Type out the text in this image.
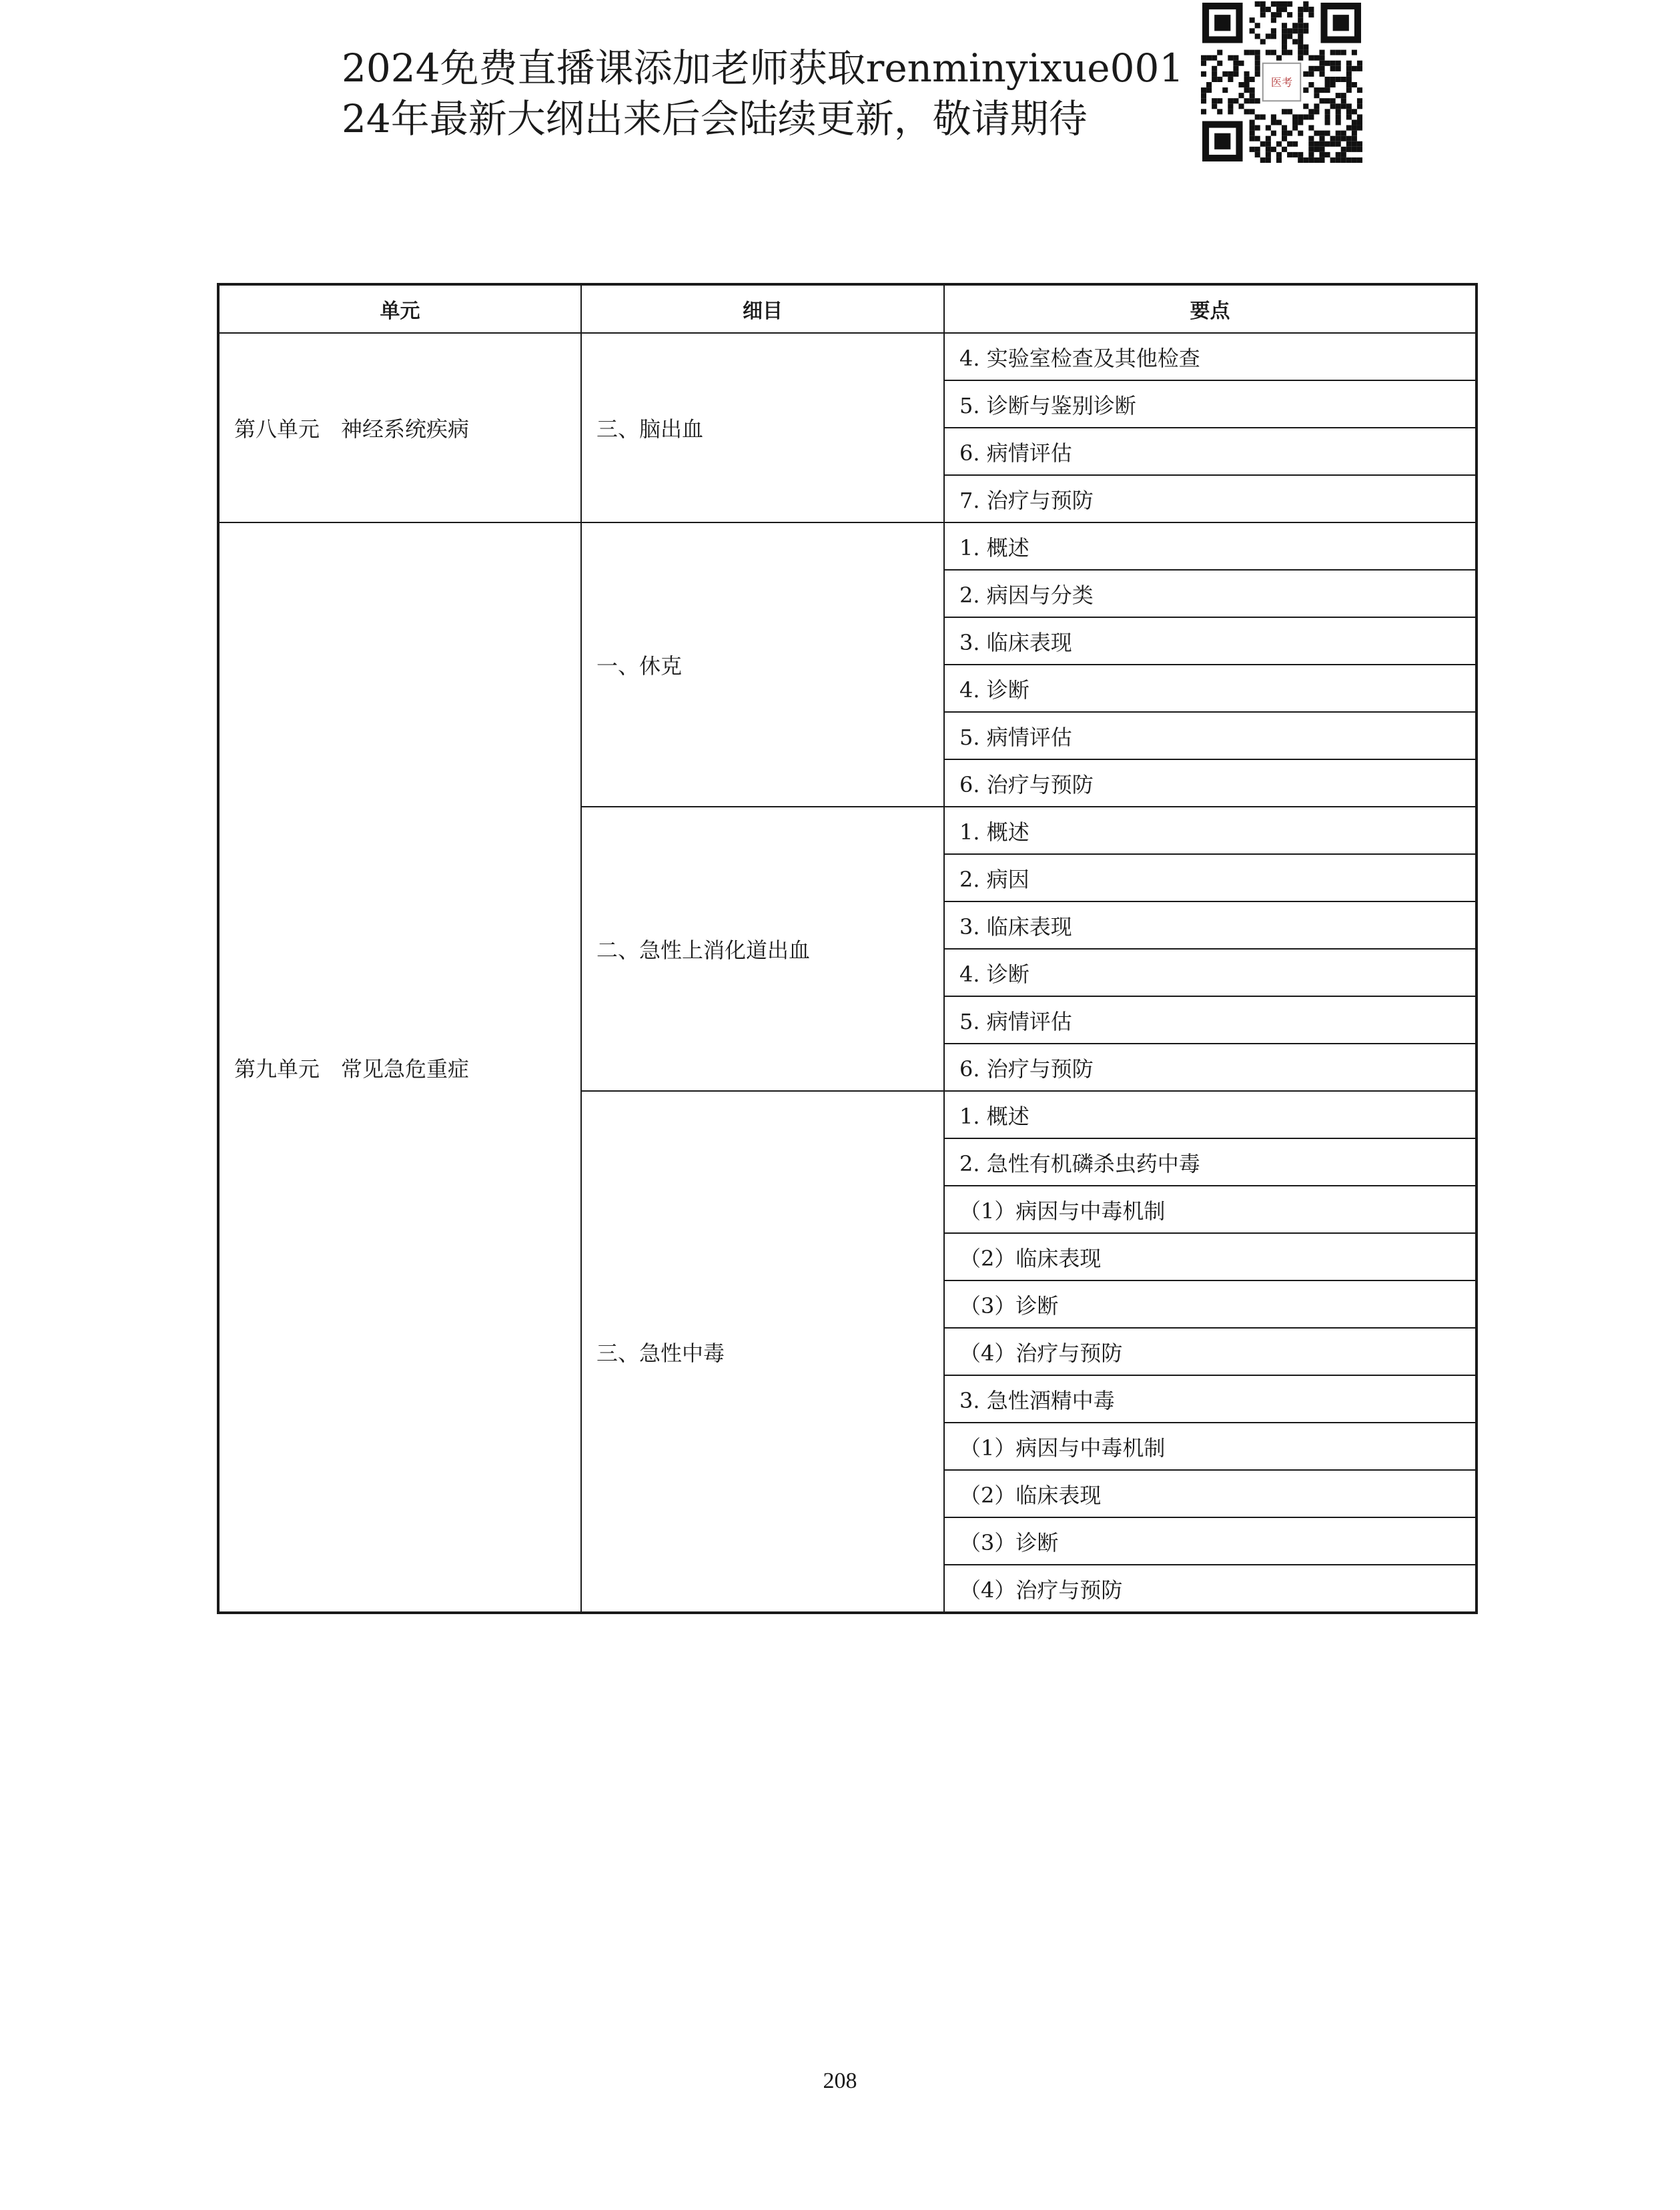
2024免费直播课添加老师获取renminyixue001
24年最新大纲出来后会陆续更新，敬请期待
医考
单元	细目	要点
第八单元　神经系统疾病	三、脑出血	4. 实验室检查及其他检查
		5. 诊断与鉴别诊断
		6. 病情评估
		7. 治疗与预防
第九单元　常见急危重症	一、休克	1. 概述
		2. 病因与分类
		3. 临床表现
		4. 诊断
		5. 病情评估
		6. 治疗与预防
	二、急性上消化道出血	1. 概述
		2. 病因
		3. 临床表现
		4. 诊断
		5. 病情评估
		6. 治疗与预防
	三、急性中毒	1. 概述
		2. 急性有机磷杀虫药中毒
		（1）病因与中毒机制
		（2）临床表现
		（3）诊断
		（4）治疗与预防
		3. 急性酒精中毒
		（1）病因与中毒机制
		（2）临床表现
		（3）诊断
		（4）治疗与预防
208
